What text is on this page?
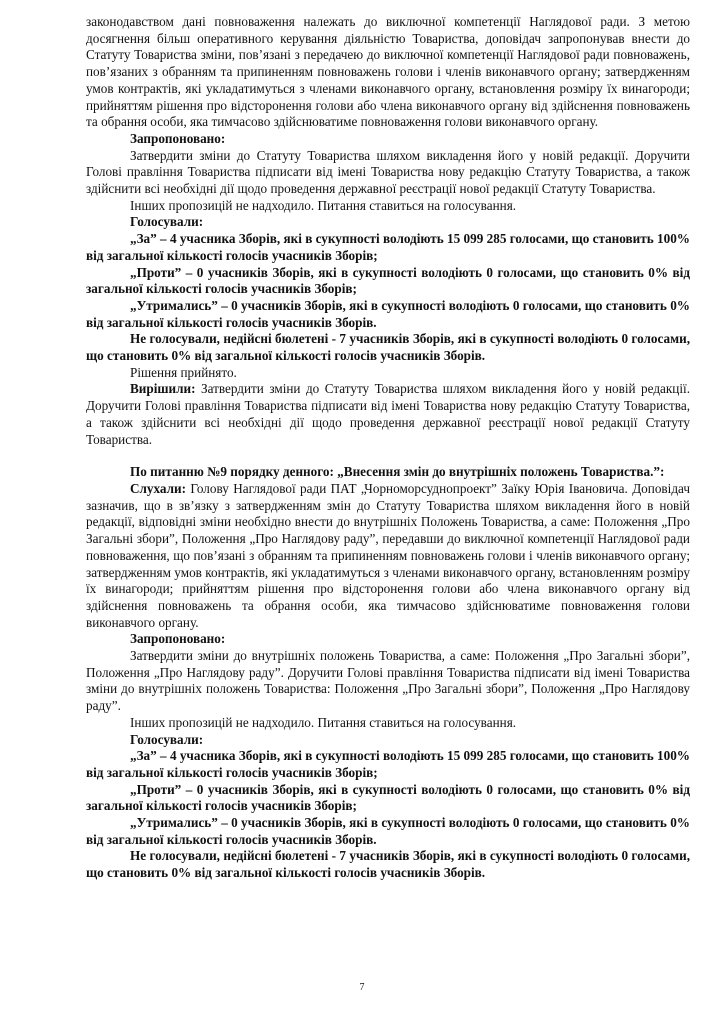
законодавством дані повноваження належать до виключної компетенції Наглядової ради. З метою досягнення більш оперативного керування діяльністю Товариства, доповідач запропонував внести до Статуту Товариства зміни, пов’язані з передачею до виключної компетенції Наглядової ради повноважень, пов’язаних з обранням та припиненням повноважень голови і членів виконавчого органу; затвердженням умов контрактів, які укладатимуться з членами виконавчого органу, встановлення розміру їх винагороди; прийняттям рішення про відсторонення голови або члена виконавчого органу від здійснення повноважень та обрання особи, яка тимчасово здійснюватиме повноваження голови виконавчого органу.

Запропоновано:

Затвердити зміни до Статуту Товариства шляхом викладення його у новій редакції. Доручити Голові правління Товариства підписати від імені Товариства нову редакцію Статуту Товариства, а також здійснити всі необхідні дії щодо проведення державної реєстрації нової редакції Статуту Товариства.

Інших пропозицій не надходило. Питання ставиться на голосування.

Голосували:

„За” – 4 учасника Зборів, які в сукупності володіють 15 099 285 голосами, що становить 100% від загальної кількості голосів учасників Зборів;

„Проти” – 0 учасників Зборів, які в сукупності володіють 0 голосами, що становить 0% від загальної кількості голосів учасників Зборів;

„Утримались” – 0 учасників Зборів, які в сукупності володіють 0 голосами, що становить 0% від загальної кількості голосів учасників Зборів.

Не голосували, недійсні бюлетені - 7 учасників Зборів, які в сукупності володіють 0 голосами, що становить 0% від загальної кількості голосів учасників Зборів.

Рішення прийнято.

Вирішили: Затвердити зміни до Статуту Товариства шляхом викладення його у новій редакції. Доручити Голові правління Товариства підписати від імені Товариства нову редакцію Статуту Товариства, а також здійснити всі необхідні дії щодо проведення державної реєстрації нової редакції Статуту Товариства.

По питанню №9 порядку денного: „Внесення змін до внутрішніх положень Товариства.”:

Слухали: Голову Наглядової ради ПАТ „Чорноморсуднопроект” Заїку Юрія Івановича. Доповідач зазначив, що в зв’язку з затвердженням змін до Статуту Товариства шляхом викладення його в новій редакції, відповідні зміни необхідно внести до внутрішніх Положень Товариства, а саме: Положення „Про Загальні збори”, Положення „Про Наглядову раду”, передавши до виключної компетенції Наглядової ради повноваження, що пов’язані з обранням та припиненням повноважень голови і членів виконавчого органу; затвердженням умов контрактів, які укладатимуться з членами виконавчого органу, встановленням розміру їх винагороди; прийняттям рішення про відсторонення голови або члена виконавчого органу від здійснення повноважень та обрання особи, яка тимчасово здійснюватиме повноваження голови виконавчого органу.

Запропоновано:

Затвердити зміни до внутрішніх положень Товариства, а саме: Положення „Про Загальні збори”, Положення „Про Наглядову раду”. Доручити Голові правління Товариства підписати від імені Товариства зміни до внутрішніх положень Товариства: Положення „Про Загальні збори”, Положення „Про Наглядову раду”.

Інших пропозицій не надходило. Питання ставиться на голосування.

Голосували:

„За” – 4 учасника Зборів, які в сукупності володіють 15 099 285 голосами, що становить 100% від загальної кількості голосів учасників Зборів;

„Проти” – 0 учасників Зборів, які в сукупності володіють 0 голосами, що становить 0% від загальної кількості голосів учасників Зборів;

„Утримались” – 0 учасників Зборів, які в сукупності володіють 0 голосами, що становить 0% від загальної кількості голосів учасників Зборів.

Не голосували, недійсні бюлетені - 7 учасників Зборів, які в сукупності володіють 0 голосами, що становить 0% від загальної кількості голосів учасників Зборів.

7
